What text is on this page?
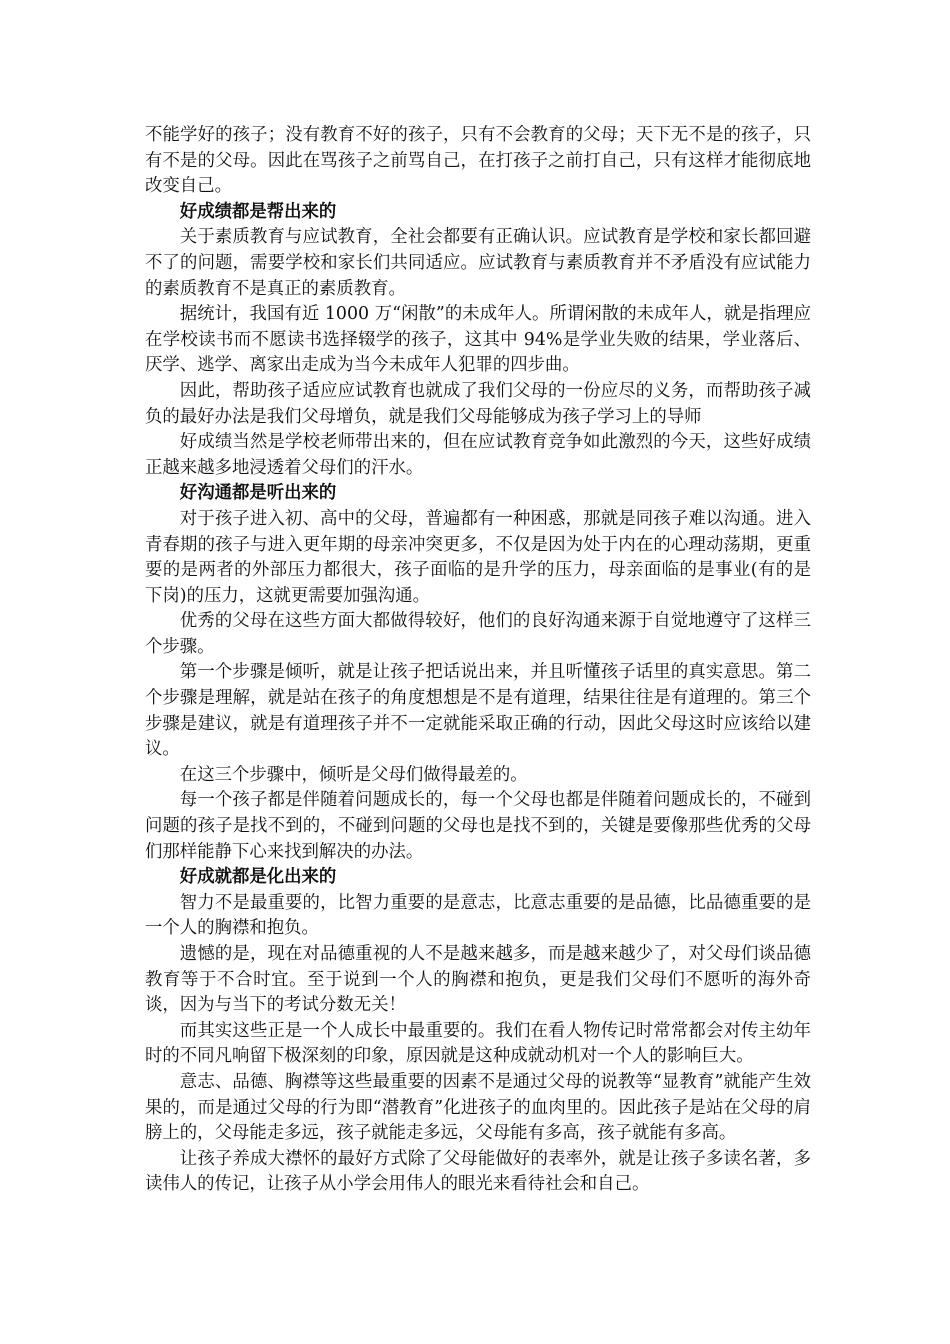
不能学好的孩子；没有教育不好的孩子，只有不会教育的父母；天下无不是的孩子，只有不是的父母。因此在骂孩子之前骂自己，在打孩子之前打自己，只有这样才能彻底地改变自己。

好成绩都是帮出来的

关于素质教育与应试教育，全社会都要有正确认识。应试教育是学校和家长都回避不了的问题，需要学校和家长们共同适应。应试教育与素质教育并不矛盾没有应试能力的素质教育不是真正的素质教育。

据统计，我国有近 1000 万“闲散”的未成年人。所谓闲散的未成年人，就是指理应在学校读书而不愿读书选择辍学的孩子，这其中 94%是学业失败的结果，学业落后、厌学、逃学、离家出走成为当今未成年人犯罪的四步曲。

因此，帮助孩子适应应试教育也就成了我们父母的一份应尽的义务，而帮助孩子减负的最好办法是我们父母增负，就是我们父母能够成为孩子学习上的导师

好成绩当然是学校老师带出来的，但在应试教育竞争如此激烈的今天，这些好成绩正越来越多地浸透着父母们的汗水。

好沟通都是听出来的

对于孩子进入初、高中的父母，普遍都有一种困惑，那就是同孩子难以沟通。进入青春期的孩子与进入更年期的母亲冲突更多，不仅是因为处于内在的心理动荡期，更重要的是两者的外部压力都很大，孩子面临的是升学的压力，母亲面临的是事业(有的是下岗)的压力，这就更需要加强沟通。

优秀的父母在这些方面大都做得较好，他们的良好沟通来源于自觉地遵守了这样三个步骤。

第一个步骤是倾听，就是让孩子把话说出来，并且听懂孩子话里的真实意思。第二个步骤是理解，就是站在孩子的角度想想是不是有道理，结果往往是有道理的。第三个步骤是建议，就是有道理孩子并不一定就能采取正确的行动，因此父母这时应该给以建议。

在这三个步骤中，倾听是父母们做得最差的。

每一个孩子都是伴随着问题成长的，每一个父母也都是伴随着问题成长的，不碰到问题的孩子是找不到的，不碰到问题的父母也是找不到的，关键是要像那些优秀的父母们那样能静下心来找到解决的办法。

好成就都是化出来的

智力不是最重要的，比智力重要的是意志，比意志重要的是品德，比品德重要的是一个人的胸襟和抱负。

遗憾的是，现在对品德重视的人不是越来越多，而是越来越少了，对父母们谈品德教育等于不合时宜。至于说到一个人的胸襟和抱负，更是我们父母们不愿听的海外奇谈，因为与当下的考试分数无关！

而其实这些正是一个人成长中最重要的。我们在看人物传记时常常都会对传主幼年时的不同凡响留下极深刻的印象，原因就是这种成就动机对一个人的影响巨大。

意志、品德、胸襟等这些最重要的因素不是通过父母的说教等“显教育”就能产生效果的，而是通过父母的行为即“潜教育”化进孩子的血肉里的。因此孩子是站在父母的肩膀上的，父母能走多远，孩子就能走多远，父母能有多高，孩子就能有多高。

让孩子养成大襟怀的最好方式除了父母能做好的表率外，就是让孩子多读名著，多读伟人的传记，让孩子从小学会用伟人的眼光来看待社会和自己。
